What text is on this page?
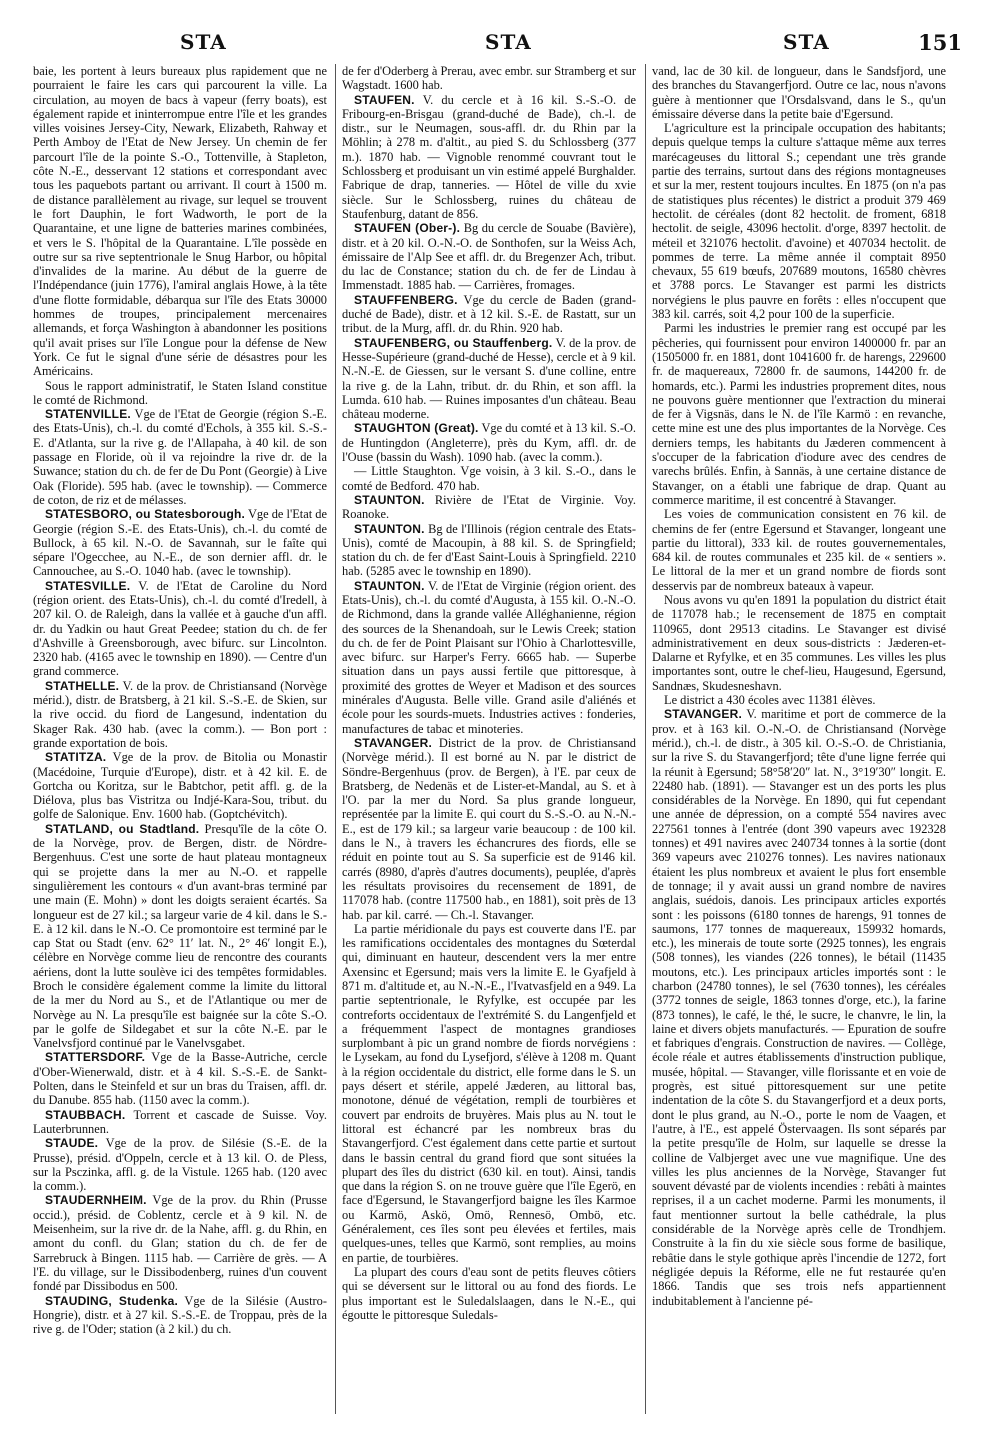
STA	STA	STA	151

baie, les portent à leurs bureaux plus rapidement que ne pourraient le faire les cars qui parcourent la ville. La circulation, au moyen de bacs à vapeur (ferry boats), est également rapide et ininterrompue entre l'île et les grandes villes voisines Jersey-City, Newark, Elizabeth, Rahway et Perth Amboy de l'Etat de New Jersey. Un chemin de fer parcourt l'île de la pointe S.-O., Tottenville, à Stapleton, côte N.-E., desservant 12 stations et correspondant avec tous les paquebots partant ou arrivant. Il court à 1500 m. de distance parallèlement au rivage, sur lequel se trouvent le fort Dauphin, le fort Wadworth, le port de la Quarantaine, et une ligne de batteries marines combinées, et vers le S. l'hôpital de la Quarantaine. L'île possède en outre sur sa rive septentrionale le Snug Harbor, ou hôpital d'invalides de la marine. Au début de la guerre de l'Indépendance (juin 1776), l'amiral anglais Howe, à la tête d'une flotte formidable, débarqua sur l'île des Etats 30000 hommes de troupes, principalement mercenaires allemands, et força Washington à abandonner les positions qu'il avait prises sur l'île Longue pour la défense de New York. Ce fut le signal d'une série de désastres pour les Américains.

Sous le rapport administratif, le Staten Island constitue le comté de Richmond.

STATENVILLE. Vge de l'Etat de Georgie (région S.-E. des Etats-Unis), ch.-l. du comté d'Echols, à 355 kil. S.-S.-E. d'Atlanta, sur la rive g. de l'Allapaha, à 40 kil. de son passage en Floride, où il va rejoindre la rive dr. de la Suwance; station du ch. de fer de Du Pont (Georgie) à Live Oak (Floride). 595 hab. (avec le township). — Commerce de coton, de riz et de mélasses.

STATESBORO, ou Statesborough. Vge de l'Etat de Georgie (région S.-E. des Etats-Unis), ch.-l. du comté de Bullock, à 65 kil. N.-O. de Savannah, sur le faîte qui sépare l'Ogecchee, au N.-E., de son dernier affl. dr. le Cannouchee, au S.-O. 1040 hab. (avec le township).

STATESVILLE. V. de l'Etat de Caroline du Nord (région orient. des Etats-Unis), ch.-l. du comté d'Iredell, à 207 kil. O. de Raleigh, dans la vallée et à gauche d'un affl. dr. du Yadkin ou haut Great Peedee; station du ch. de fer d'Ashville à Greensborough, avec bifurc. sur Lincolnton. 2320 hab. (4165 avec le township en 1890). — Centre d'un grand commerce.

STATHELLE. V. de la prov. de Christiansand (Norvège mérid.), distr. de Bratsberg, à 21 kil. S.-S.-E. de Skien, sur la rive occid. du fiord de Langesund, indentation du Skager Rak. 430 hab. (avec la comm.). — Bon port : grande exportation de bois.

STATITZA. Vge de la prov. de Bitolia ou Monastir (Macédoine, Turquie d'Europe), distr. et à 42 kil. E. de Gortcha ou Koritza, sur le Babtchor, petit affl. g. de la Diélova, plus bas Vistritza ou Indjé-Kara-Sou, tribut. du golfe de Salonique. Env. 1600 hab. (Goptchévitch).

STATLAND, ou Stadtland. Presqu'île de la côte O. de la Norvège, prov. de Bergen, distr. de Nördre-Bergenhuus. C'est une sorte de haut plateau montagneux qui se projette dans la mer au N.-O. et rappelle singulièrement les contours « d'un avant-bras terminé par une main (E. Mohn) » dont les doigts seraient écartés. Sa longueur est de 27 kil.; sa largeur varie de 4 kil. dans le S.-E. à 12 kil. dans le N.-O. Ce promontoire est terminé par le cap Stat ou Stadt (env. 62° 11′ lat. N., 2° 46′ longit E.), célèbre en Norvège comme lieu de rencontre des courants aériens, dont la lutte soulève ici des tempêtes formidables. Broch le considère également comme la limite du littoral de la mer du Nord au S., et de l'Atlantique ou mer de Norvège au N. La presqu'île est baignée sur la côte S.-O. par le golfe de Sildegabet et sur la côte N.-E. par le Vanelvsfjord continué par le Vanelvsgabet.

STATTERSDORF. Vge de la Basse-Autriche, cercle d'Ober-Wienerwald, distr. et à 4 kil. S.-S.-E. de Sankt-Polten, dans le Steinfeld et sur un bras du Traisen, affl. dr. du Danube. 855 hab. (1150 avec la comm.).

STAUBBACH. Torrent et cascade de Suisse. Voy. Lauterbrunnen.

STAUDE. Vge de la prov. de Silésie (S.-E. de la Prusse), présid. d'Oppeln, cercle et à 13 kil. O. de Pless, sur la Psczinka, affl. g. de la Vistule. 1265 hab. (120 avec la comm.).

STAUDERNHEIM. Vge de la prov. du Rhin (Prusse occid.), présid. de Coblentz, cercle et à 9 kil. N. de Meisenheim, sur la rive dr. de la Nahe, affl. g. du Rhin, en amont du confl. du Glan; station du ch. de fer de Sarrebruck à Bingen. 1115 hab. — Carrière de grès. — A l'E. du village, sur le Dissibodenberg, ruines d'un couvent fondé par Dissibodus en 500.

STAUDING, Studenka. Vge de la Silésie (Austro-Hongrie), distr. et à 27 kil. S.-S.-E. de Troppau, près de la rive g. de l'Oder; station (à 2 kil.) du ch.

de fer d'Oderberg à Prerau, avec embr. sur Stramberg et sur Wagstadt. 1600 hab.

STAUFEN. V. du cercle et à 16 kil. S.-S.-O. de Fribourg-en-Brisgau (grand-duché de Bade), ch.-l. de distr., sur le Neumagen, sous-affl. dr. du Rhin par la Möhlin; à 278 m. d'altit., au pied S. du Schlossberg (377 m.). 1870 hab. — Vignoble renommé couvrant tout le Schlossberg et produisant un vin estimé appelé Burghalder. Fabrique de drap, tanneries. — Hôtel de ville du xvie siècle. Sur le Schlossberg, ruines du château de Staufenburg, datant de 856.

STAUFEN (Ober-). Bg du cercle de Souabe (Bavière), distr. et à 20 kil. O.-N.-O. de Sonthofen, sur la Weiss Ach, émissaire de l'Alp See et affl. dr. du Bregenzer Ach, tribut. du lac de Constance; station du ch. de fer de Lindau à Immenstadt. 1885 hab. — Carrières, fromages.

STAUFFENBERG. Vge du cercle de Baden (grand-duché de Bade), distr. et à 12 kil. S.-E. de Rastatt, sur un tribut. de la Murg, affl. dr. du Rhin. 920 hab.

STAUFENBERG, ou Stauffenberg. V. de la prov. de Hesse-Supérieure (grand-duché de Hesse), cercle et à 9 kil. N.-N.-E. de Giessen, sur le versant S. d'une colline, entre la rive g. de la Lahn, tribut. dr. du Rhin, et son affl. la Lumda. 610 hab. — Ruines imposantes d'un château. Beau château moderne.

STAUGHTON (Great). Vge du comté et à 13 kil. S.-O. de Huntingdon (Angleterre), près du Kym, affl. dr. de l'Ouse (bassin du Wash). 1090 hab. (avec la comm.).

— Little Staughton. Vge voisin, à 3 kil. S.-O., dans le comté de Bedford. 470 hab.

STAUNTON. Rivière de l'Etat de Virginie. Voy. Roanoke.

STAUNTON. Bg de l'Illinois (région centrale des Etats-Unis), comté de Macoupin, à 88 kil. S. de Springfield; station du ch. de fer d'East Saint-Louis à Springfield. 2210 hab. (5285 avec le township en 1890).

STAUNTON. V. de l'Etat de Virginie (région orient. des Etats-Unis), ch.-l. du comté d'Augusta, à 155 kil. O.-N.-O. de Richmond, dans la grande vallée Alléghanienne, région des sources de la Shenandoah, sur le Lewis Creek; station du ch. de fer de Point Plaisant sur l'Ohio à Charlottesville, avec bifurc. sur Harper's Ferry. 6665 hab. — Superbe situation dans un pays aussi fertile que pittoresque, à proximité des grottes de Weyer et Madison et des sources minérales d'Augusta. Belle ville. Grand asile d'aliénés et école pour les sourds-muets. Industries actives : fonderies, manufactures de tabac et minoteries.

STAVANGER. District de la prov. de Christiansand (Norvège mérid.). Il est borné au N. par le district de Söndre-Bergenhuus (prov. de Bergen), à l'E. par ceux de Bratsberg, de Nedenäs et de Lister-et-Mandal, au S. et à l'O. par la mer du Nord. Sa plus grande longueur, représentée par la limite E. qui court du S.-S.-O. au N.-N.-E., est de 179 kil.; sa largeur varie beaucoup : de 100 kil. dans le N., à travers les échancrures des fiords, elle se réduit en pointe tout au S. Sa superficie est de 9146 kil. carrés (8980, d'après d'autres documents), peuplée, d'après les résultats provisoires du recensement de 1891, de 117078 hab. (contre 117500 hab., en 1881), soit près de 13 hab. par kil. carré. — Ch.-l. Stavanger.

La partie méridionale du pays est couverte dans l'E. par les ramifications occidentales des montagnes du Sœterdal qui, diminuant en hauteur, descendent vers la mer entre Axensinc et Egersund; mais vers la limite E. le Gyafjeld à 871 m. d'altitude et, au N.-N.-E., l'Ivatvasfjeld en a 949. La partie septentrionale, le Ryfylke, est occupée par les contreforts occidentaux de l'extrémité S. du Langenfjeld et a fréquemment l'aspect de montagnes grandioses surplombant à pic un grand nombre de fiords norvégiens : le Lysekam, au fond du Lysefjord, s'élève à 1208 m. Quant à la région occidentale du district, elle forme dans le S. un pays désert et stérile, appelé Jæderen, au littoral bas, monotone, dénué de végétation, rempli de tourbières et couvert par endroits de bruyères. Mais plus au N. tout le littoral est échancré par les nombreux bras du Stavangerfjord. C'est également dans cette partie et surtout dans le bassin central du grand fiord que sont situées la plupart des îles du district (630 kil. en tout). Ainsi, tandis que dans la région S. on ne trouve guère que l'île Egerö, en face d'Egersund, le Stavangerfjord baigne les îles Karmoe ou Karmö, Askö, Omö, Rennesö, Ombö, etc. Généralement, ces îles sont peu élevées et fertiles, mais quelques-unes, telles que Karmö, sont remplies, au moins en partie, de tourbières.

La plupart des cours d'eau sont de petits fleuves côtiers qui se déversent sur le littoral ou au fond des fiords. Le plus important est le Suledalslaagen, dans le N.-E., qui égoutte le pittoresque Suledals-

vand, lac de 30 kil. de longueur, dans le Sandsfjord, une des branches du Stavangerfjord. Outre ce lac, nous n'avons guère à mentionner que l'Orsdalsvand, dans le S., qu'un émissaire déverse dans la petite baie d'Egersund.

L'agriculture est la principale occupation des habitants; depuis quelque temps la culture s'attaque même aux terres marécageuses du littoral S.; cependant une très grande partie des terrains, surtout dans des régions montagneuses et sur la mer, restent toujours incultes. En 1875 (on n'a pas de statistiques plus récentes) le district a produit 379 469 hectolit. de céréales (dont 82 hectolit. de froment, 6818 hectolit. de seigle, 43096 hectolit. d'orge, 8397 hectolit. de méteil et 321076 hectolit. d'avoine) et 407034 hectolit. de pommes de terre. La même année il comptait 8950 chevaux, 55 619 bœufs, 207689 moutons, 16580 chèvres et 3788 porcs. Le Stavanger est parmi les districts norvégiens le plus pauvre en forêts : elles n'occupent que 383 kil. carrés, soit 4,2 pour 100 de la superficie.

Parmi les industries le premier rang est occupé par les pêcheries, qui fournissent pour environ 1400000 fr. par an (1505000 fr. en 1881, dont 1041600 fr. de harengs, 229600 fr. de maquereaux, 72800 fr. de saumons, 144200 fr. de homards, etc.). Parmi les industries proprement dites, nous ne pouvons guère mentionner que l'extraction du minerai de fer à Vigsnäs, dans le N. de l'île Karmö : en revanche, cette mine est une des plus importantes de la Norvège. Ces derniers temps, les habitants du Jæderen commencent à s'occuper de la fabrication d'iodure avec des cendres de varechs brûlés. Enfin, à Sannäs, à une certaine distance de Stavanger, on a établi une fabrique de drap. Quant au commerce maritime, il est concentré à Stavanger.

Les voies de communication consistent en 76 kil. de chemins de fer (entre Egersund et Stavanger, longeant une partie du littoral), 333 kil. de routes gouvernementales, 684 kil. de routes communales et 235 kil. de « sentiers ». Le littoral de la mer et un grand nombre de fiords sont desservis par de nombreux bateaux à vapeur.

Nous avons vu qu'en 1891 la population du district était de 117078 hab.; le recensement de 1875 en comptait 110965, dont 29513 citadins. Le Stavanger est divisé administrativement en deux sous-districts : Jæderen-et-Dalarne et Ryfylke, et en 35 communes. Les villes les plus importantes sont, outre le chef-lieu, Haugesund, Egersund, Sandnæs, Skudesneshavn.

Le district a 430 écoles avec 11381 élèves.

STAVANGER. V. maritime et port de commerce de la prov. et à 163 kil. O.-N.-O. de Christiansand (Norvège mérid.), ch.-l. de distr., à 305 kil. O.-S.-O. de Christiania, sur la rive S. du Stavangerfjord; tête d'une ligne ferrée qui la réunit à Egersund; 58°58′20″ lat. N., 3°19′30″ longit. E. 22480 hab. (1891). — Stavanger est un des ports les plus considérables de la Norvège. En 1890, qui fut cependant une année de dépression, on a compté 554 navires avec 227561 tonnes à l'entrée (dont 390 vapeurs avec 192328 tonnes) et 491 navires avec 240734 tonnes à la sortie (dont 369 vapeurs avec 210276 tonnes). Les navires nationaux étaient les plus nombreux et avaient le plus fort ensemble de tonnage; il y avait aussi un grand nombre de navires anglais, suédois, danois. Les principaux articles exportés sont : les poissons (6180 tonnes de harengs, 91 tonnes de saumons, 177 tonnes de maquereaux, 159932 homards, etc.), les minerais de toute sorte (2925 tonnes), les engrais (508 tonnes), les viandes (226 tonnes), le bétail (11435 moutons, etc.). Les principaux articles importés sont : le charbon (24780 tonnes), le sel (7630 tonnes), les céréales (3772 tonnes de seigle, 1863 tonnes d'orge, etc.), la farine (873 tonnes), le café, le thé, le sucre, le chanvre, le lin, la laine et divers objets manufacturés. — Epuration de soufre et fabriques d'engrais. Construction de navires. — Collège, école réale et autres établissements d'instruction publique, musée, hôpital. — Stavanger, ville florissante et en voie de progrès, est situé pittoresquement sur une petite indentation de la côte S. du Stavangerfjord et a deux ports, dont le plus grand, au N.-O., porte le nom de Vaagen, et l'autre, à l'E., est appelé Östervaagen. Ils sont séparés par la petite presqu'île de Holm, sur laquelle se dresse la colline de Valbjerget avec une vue magnifique. Une des villes les plus anciennes de la Norvège, Stavanger fut souvent dévasté par de violents incendies : rebâti à maintes reprises, il a un cachet moderne. Parmi les monuments, il faut mentionner surtout la belle cathédrale, la plus considérable de la Norvège après celle de Trondhjem. Construite à la fin du xie siècle sous forme de basilique, rebâtie dans le style gothique après l'incendie de 1272, fort négligée depuis la Réforme, elle ne fut restaurée qu'en 1866. Tandis que ses trois nefs appartiennent indubitablement à l'ancienne pé-
